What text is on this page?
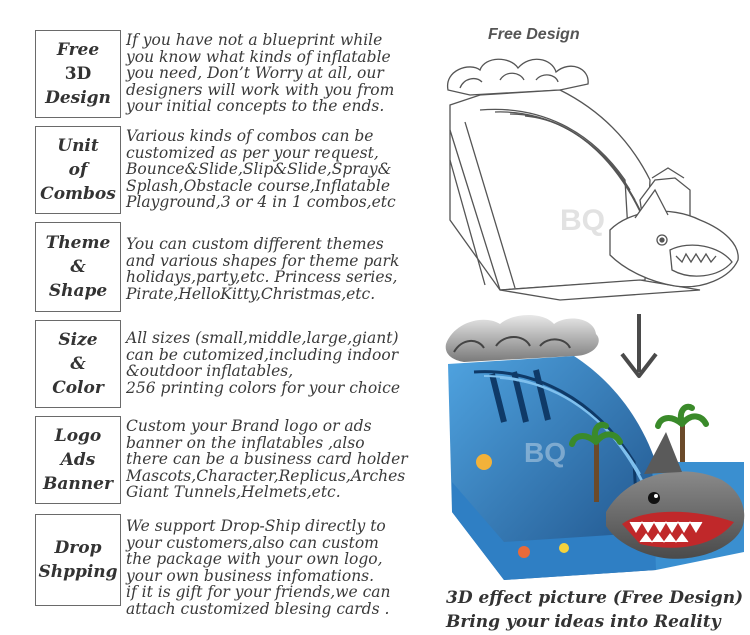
Free
3D
Design
If you have not a blueprint while
you know what kinds of inflatable
you need, Don’t Worry at all, our
designers will work with you from
your initial concepts to the ends.
Unit
of
Combos
Various kinds of combos can be
customized as per your request,
Bounce&Slide,Slip&Slide,Spray&
Splash,Obstacle course,Inflatable
Playground,3 or 4 in 1 combos,etc
Theme
&
Shape
You can custom different themes
and various shapes for theme park
holidays,party,etc. Princess series,
Pirate,HelloKitty,Christmas,etc.
Size
&
Color
All sizes (small,middle,large,giant)
can be cutomized,including indoor
&outdoor inflatables,
256 printing colors for your choice
Logo
Ads
Banner
Custom your Brand logo or ads
banner on the inflatables ,also
there can be a business card holder
Mascots,Character,Replicus,Arches
Giant Tunnels,Helmets,etc.
Drop
Shpping
We support Drop-Ship directly to
your customers,also can custom
the package with your own logo,
your own business infomations.
if it is gift for your friends,we can
attach customized blesing cards .
Free Design
BQ
BQ
3D effect picture (Free Design)
Bring your ideas into Reality
